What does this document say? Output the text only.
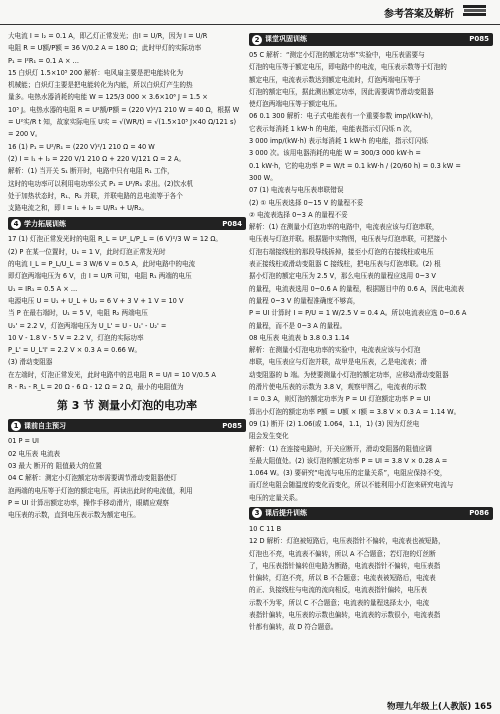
参考答案及解析

大电流 I = I₂ = 0.1 A，即乙灯正常发光；由I = U/R，因为 I = U/R

电阻 R = U额/P额 = 36 V/0.2 A = 180 Ω；此时甲灯的实际功率

P₁ = I²R₁ = 0.1 A × ...

15 白炽灯 1.5×10⁵ 200 解析：电风扇主要是把电能转化为

机械能；白炽灯主要是把电能转化为内能，所以白炽灯产生的热

量多。电热水器消耗的电能 W = 125/3 000 × 3.6×10⁶ J = 1.5 ×

10⁵ J。电热水器的电阻 R = U²额/P额 = (220 V)²/1 210 W = 40 Ω，根据 W

= U²实/R t 知，故家实际电压 U实 = √(WR/t) = √(1.5×10⁵ J×40 Ω/121 s)

= 200 V。

16 (1) P₁ = U²/R₁ = (220 V)²/1 210 Ω = 40 W

(2) I = I₁ + I₂ = 220 V/1 210 Ω + 220 V/121 Ω = 2 A。

解析：(1) 当开关 S₁ 断开时，电路中只有电阻 R₁ 工作，

这时的电功率可以利用电功率公式 P₁ = U²/R₁ 求出。(2)饮水机

处于加热状态时，R₁、R₂ 并联，并联电路的总电流等于各个

支路电流之和，即 I = I₁ + I₂ = U/R₁ + U/R₂。

4 学力拓展训练	P084

17 (1) 灯泡正常发光时的电阻 R_L = U²_L/P_L = (6 V)²/3 W = 12 Ω。

(2) P 在某一位置时，U₁ = 1 V，此时灯泡正常发光时

的电流 I_L = P_L/U_L = 3 W/6 V = 0.5 A，此时电路中的电流

即灯泡两端电压为 6 V，由 I = U/R 可知，电阻 R₁ 两端的电压

U₁ = IR₁ = 0.5 A × ...

电源电压 U = U₁ + U_L + U₂ = 6 V + 3 V + 1 V = 10 V

当 P 在最右端时，U₁ = 5 V，电阻 R₂ 两端电压

U₂' = 2.2 V，灯泡两端电压为 U_L' = U - U₁' - U₂' =

10 V - 1.8 V - 5 V = 2.2 V，灯泡的实际功率

P_L' = U_L'I' = 2.2 V × 0.3 A = 0.66 W。

(3) 滑动变阻器

在左端时，灯泡正常发光，此时电路中的总电阻 R = U/I = 10 V/0.5 A

R - R₁ - R_L = 20 Ω - 6 Ω - 12 Ω = 2 Ω，最小的电阻值为

第 3 节 测量小灯泡的电功率
1 课前自主预习	P085

01 P = UI

02 电压表 电流表

03 最大 断开的 阻值最大的位置

04 C 解析：测定小灯泡额定功率需要调节滑动变阻器使灯

泡两端的电压等于灯泡的额定电压，再读出此时的电流值，利用

P = UI 计算出额定功率，操作手移动滑片，眼睛应观察

电压表的示数，直到电压表示数为额定电压。

2 课堂巩固训练	P085

05 C 解析：“测定小灯泡的额定功率”实验中，电压表需要与

灯泡的电压等于额定电压，即电路中的电流，电压表示数等于灯泡的

额定电压，电流表示数达到额定电流时，灯泡两端电压等于

灯泡的额定电压，据此测出额定功率，因此需要调节滑动变阻器

使灯泡两端电压等于额定电压。

06 0.1 300 解析：电子式电能表有一个重要参数 imp/(kW·h)，

它表示每消耗 1 kW·h 的电能，电能表指示灯闪烁 n 次，

3 000 imp/(kW·h) 表示每消耗 1 kW·h 的电能，指示灯闪烁

3 000 次。该用电器消耗的电能 W = 300/3 000 kW·h =

0.1 kW·h，它的电功率 P = W/t = 0.1 kW·h / (20/60 h) = 0.3 kW =

300 W。

07 (1) 电流表与电压表串联错误

(2) ① 电压表选择 0~15 V 的量程不妥

② 电流表选择 0~3 A 的量程不妥

解析：(1) 在测量小灯泡功率的电路中，电流表应该与灯泡串联，

电压表与灯泡并联。根据题中实物图，电压表与灯泡串联，可把接小

灯泡右端接线柱的那段导线拆掉，接至小灯泡的右接线柱或电压

表正接线柱或滑动变阻器 C 接线柱，把电压表与灯泡串联。(2) 根

据小灯泡的额定电压为 2.5 V，那么电压表的量程应选用 0~3 V

的量程，电流表选用 0~0.6 A 的量程，根据题目中的 0.6 A，因此电流表

的量程 0~3 V 的量程准确度不够高，

P = UI 计算时 I = P/U = 1 W/2.5 V = 0.4 A。所以电流表应选 0~0.6 A

的量程，而不是 0~3 A 的量程。

08 电压表 电流表 b 3.8 0.3 1.14

解析：在测量小灯泡电功率的实验中，电流表应该与小灯泡

串联，电压表应与灯泡并联，故甲是电压表，乙是电流表；滑

动变阻器的 b 端。为使要测量小灯泡的额定功率，应移动滑动变阻器

的滑片使电压表的示数为 3.8 V，观察甲图乙，电流表的示数

I = 0.3 A，则灯泡的额定功率为 P = UI 灯泡额定功率 P = UI

算出小灯泡的额定功率 P额 = U额 × I额 = 3.8 V × 0.3 A = 1.14 W。

09 (1) 断开 (2) 1.06(或 1.064，1.1，1) (3) 因为灯丝电

阻会发生变化

解析：(1) 在连接电路时，开关应断开，滑动变阻器的阻值应调

至最大阻值处。(2) 该灯泡的额定功率 P = UI = 3.8 V × 0.28 A =

1.064 W。(3) 要研究“电流与电压的定量关系”，电阻应保持不变，

而灯丝电阻会随温度的变化而变化，所以不能利用小灯泡来研究电流与

电压的定量关系。

3 课后提升训练	P086

10 C 11 B

12 D 解析：灯泡被短路后，电压表指针不偏转，电流表也被短路，

灯泡也不亮，电流表不偏转，所以 A 不合题意；若灯泡的灯丝断

了，电压表指针偏转但电路为断路，电流表指针不偏转，电压表指

针偏转，灯泡不亮，所以 B 不合题意；电流表被短路后，电流表

的正、负接线柱与电流的流向相反，电流表指针偏转，电压表

示数不为零，所以 C 不合题意；电流表的量程选择太小，电流

表指针偏转，电压表的示数也偏转，电流表的示数很小，电流表指

针都有偏转，故 D 符合题意。

物理九年级上(人教版) 165
